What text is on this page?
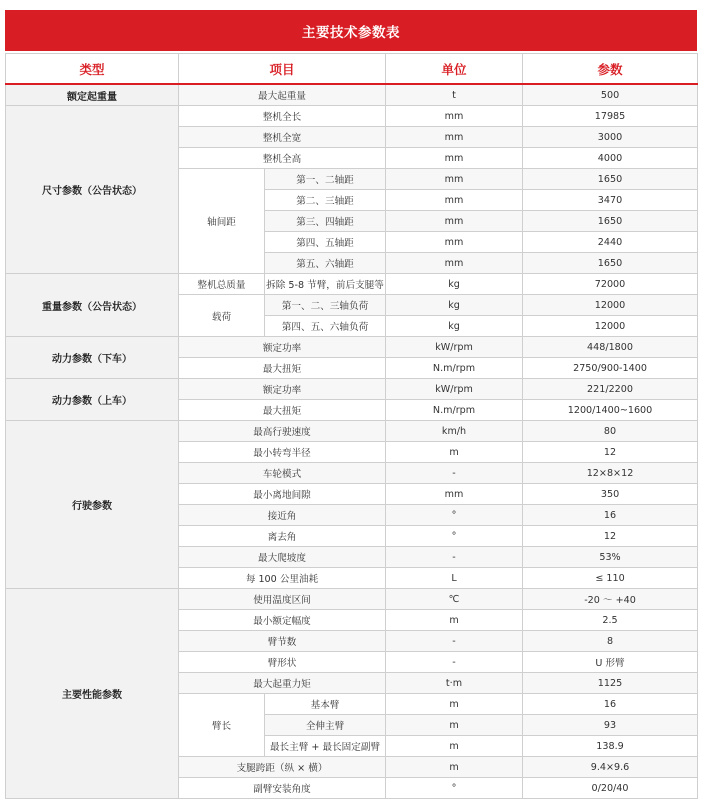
主要技术参数表
类型	项目		单位	参数
额定起重量	最大起重量		t	500
尺寸参数（公告状态）	整机全长		mm	17985
	整机全宽		mm	3000
	整机全高		mm	4000
	轴间距	第一、二轴距	mm	1650
		第二、三轴距	mm	3470
		第三、四轴距	mm	1650
		第四、五轴距	mm	2440
		第五、六轴距	mm	1650
重量参数（公告状态）	整机总质量	拆除 5-8 节臂，前后支腿等	kg	72000
	载荷	第一、二、三轴负荷	kg	12000
		第四、五、六轴负荷	kg	12000
动力参数（下车）	额定功率		kW/rpm	448/1800
	最大扭矩		N.m/rpm	2750/900-1400
动力参数（上车）	额定功率		kW/rpm	221/2200
	最大扭矩		N.m/rpm	1200/1400~1600
行驶参数	最高行驶速度		km/h	80
	最小转弯半径		m	12
	车轮模式		-	12×8×12
	最小离地间隙		mm	350
	接近角		°	16
	离去角		°	12
	最大爬坡度		-	53%
	每 100 公里油耗		L	≤ 110
主要性能参数	使用温度区间		℃	-20 ～ +40
	最小额定幅度		m	2.5
	臂节数		-	8
	臂形状		-	U 形臂
	最大起重力矩		t·m	1125
	臂长	基本臂	m	16
		全伸主臂	m	93
		最长主臂 + 最长固定副臂	m	138.9
	支腿跨距（纵 × 横）		m	9.4×9.6
	副臂安装角度		°	0/20/40
